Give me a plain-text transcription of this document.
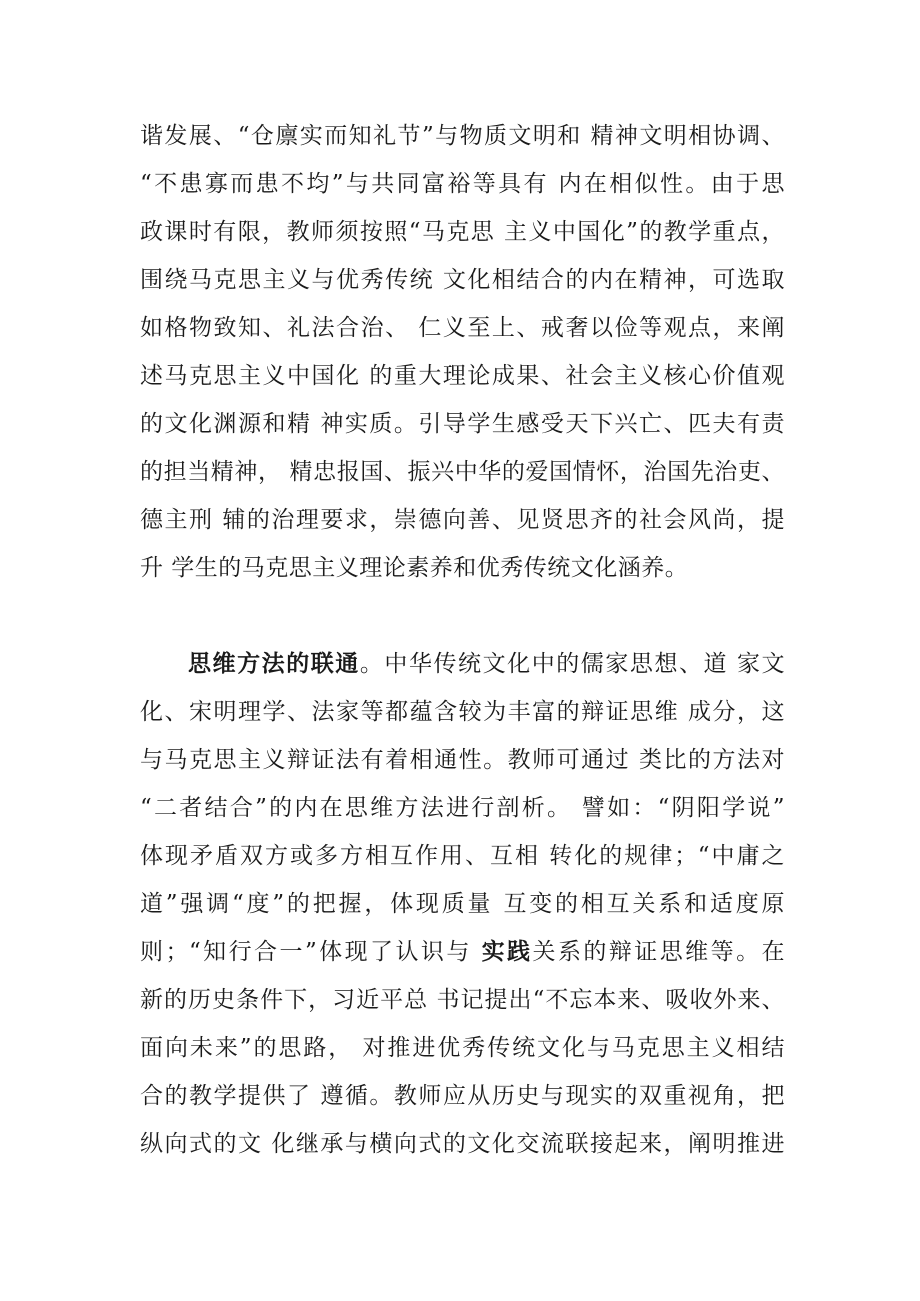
谐发展、“仓廪实而知礼节”与物质文明和 精神文明相协调、
“不患寡而患不均”与共同富裕等具有 内在相似性。由于思
政课时有限，教师须按照“马克思 主义中国化”的教学重点，
围绕马克思主义与优秀传统 文化相结合的内在精神，可选取
如格物致知、礼法合治、 仁义至上、戒奢以俭等观点，来阐
述马克思主义中国化 的重大理论成果、社会主义核心价值观
的文化渊源和精 神实质。引导学生感受天下兴亡、匹夫有责
的担当精神， 精忠报国、振兴中华的爱国情怀，治国先治吏、
德主刑 辅的治理要求，崇德向善、见贤思齐的社会风尚，提
升 学生的马克思主义理论素养和优秀传统文化涵养。
思维方法的联通。中华传统文化中的儒家思想、道 家文
化、宋明理学、法家等都蕴含较为丰富的辩证思维 成分，这
与马克思主义辩证法有着相通性。教师可通过 类比的方法对
“二者结合”的内在思维方法进行剖析。 譬如：“阴阳学说”
体现矛盾双方或多方相互作用、互相 转化的规律；“中庸之
道”强调“度”的把握，体现质量 互变的相互关系和适度原
则；“知行合一”体现了认识与 实践关系的辩证思维等。在
新的历史条件下，习近平总 书记提出“不忘本来、吸收外来、
面向未来”的思路， 对推进优秀传统文化与马克思主义相结
合的教学提供了 遵循。教师应从历史与现实的双重视角，把
纵向式的文 化继承与横向式的文化交流联接起来，阐明推进
